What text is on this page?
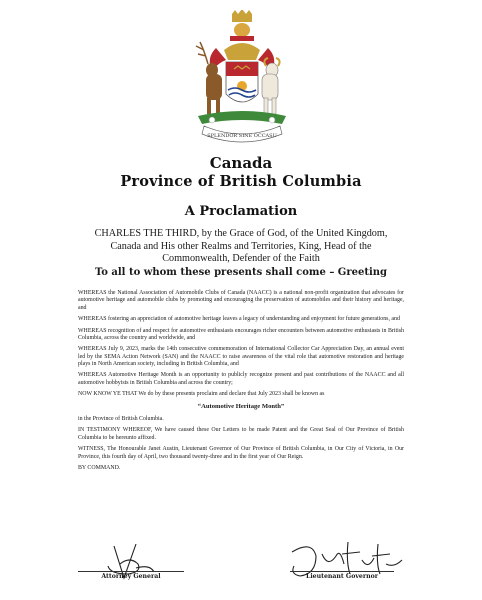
SPLENDOR SINE OCCASU
Canada
Province of British Columbia
A Proclamation

CHARLES THE THIRD, by the Grace of God, of the United Kingdom, Canada and His other Realms and Territories, King, Head of the Commonwealth, Defender of the Faith

To all to whom these presents shall come – Greeting

WHEREAS the National Association of Automobile Clubs of Canada (NAACC) is a national non-profit organization that advocates for automotive heritage and automobile clubs by promoting and encouraging the preservation of automobiles and their history and heritage, and

WHEREAS fostering an appreciation of automotive heritage leaves a legacy of understanding and enjoyment for future generations, and

WHEREAS recognition of and respect for automotive enthusiasts encourages richer encounters between automotive enthusiasts in British Columbia, across the country and worldwide, and

WHEREAS July 9, 2023, marks the 14th consecutive commemoration of International Collector Car Appreciation Day, an annual event led by the SEMA Action Network (SAN) and the NAACC to raise awareness of the vital role that automotive restoration and heritage plays in North American society, including in British Columbia, and

WHEREAS Automotive Heritage Month is an opportunity to publicly recognize present and past contributions of the NAACC and all automotive hobbyists in British Columbia and across the country;

NOW KNOW YE THAT We do by these presents proclaim and declare that July 2023 shall be known as

“Automotive Heritage Month”

in the Province of British Columbia.

IN TESTIMONY WHEREOF, We have caused these Our Letters to be made Patent and the Great Seal of Our Province of British Columbia to be hereunto affixed.

WITNESS, The Honourable Janet Austin, Lieutenant Governor of Our Province of British Columbia, in Our City of Victoria, in Our Province, this fourth day of April, two thousand twenty-three and in the first year of Our Reign.

BY COMMAND.

Attorney General	Lieutenant Governor
